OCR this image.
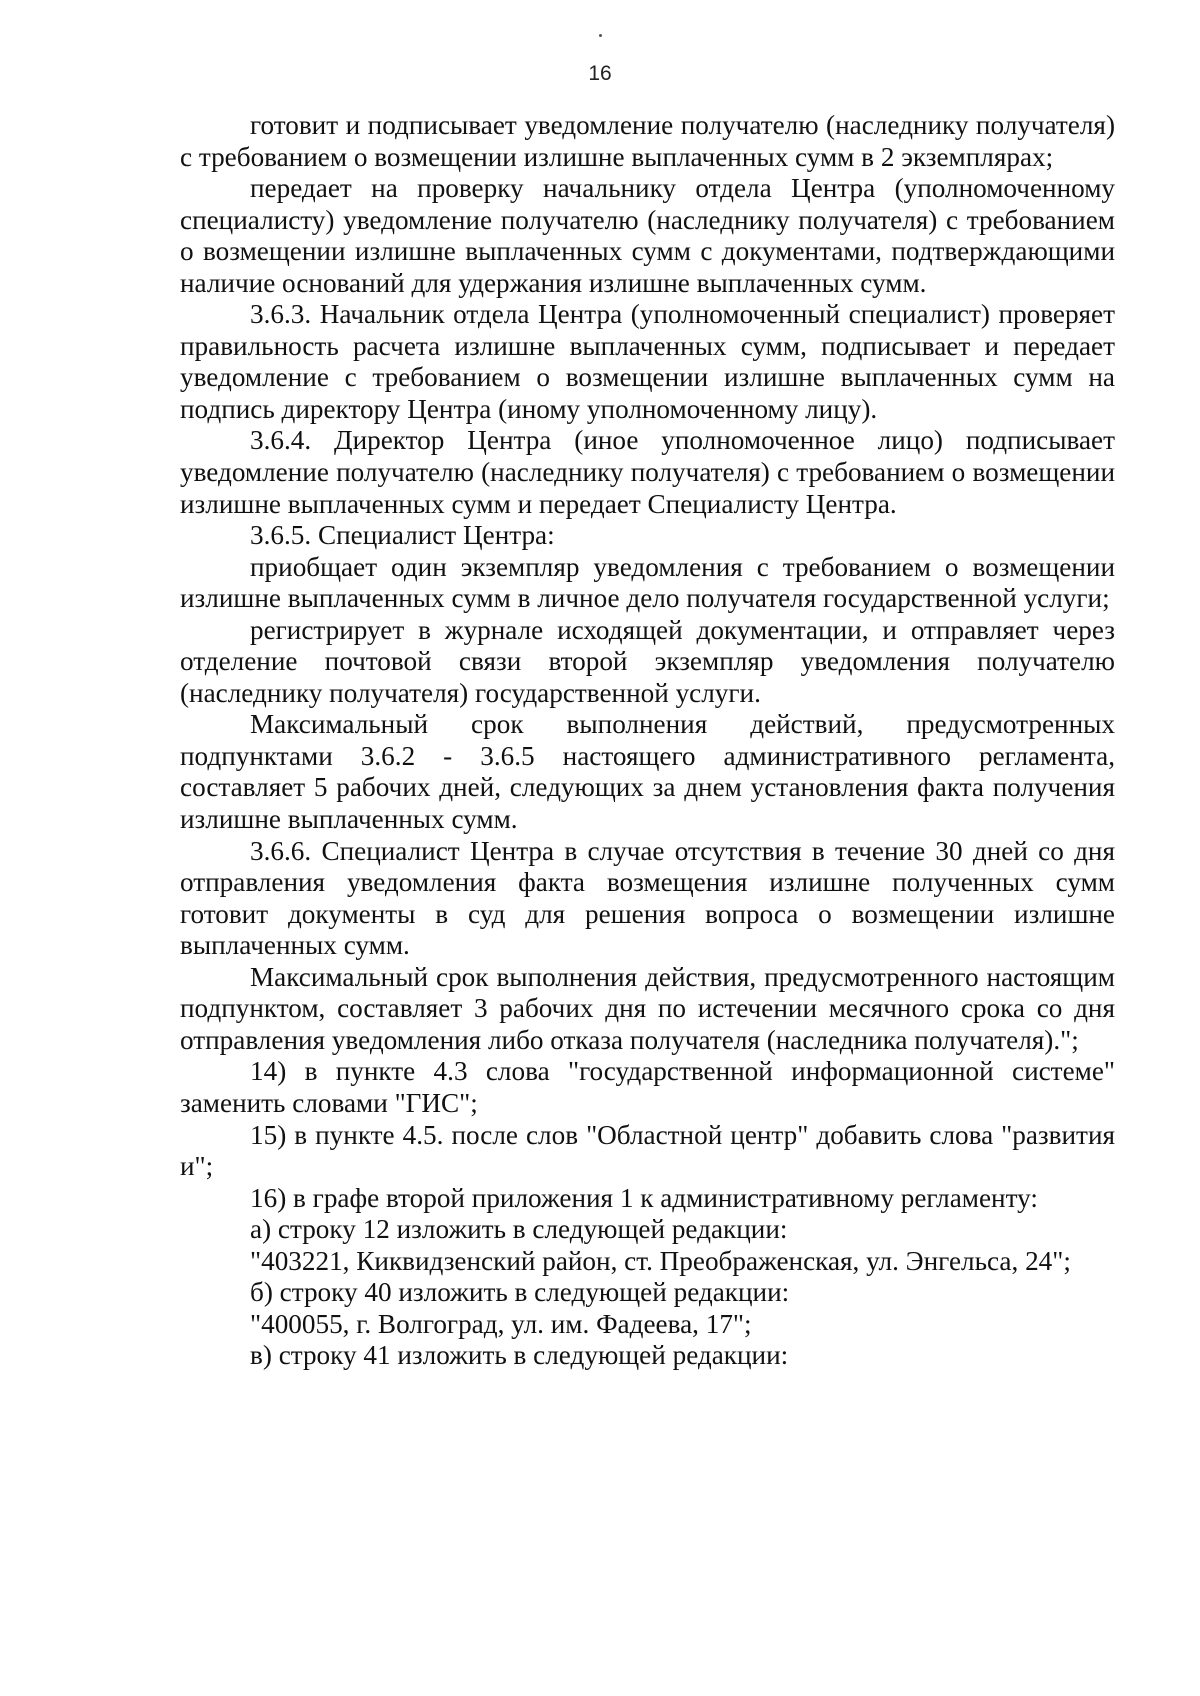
16

готовит и подписывает уведомление получателю (наследнику получателя) с требованием о возмещении излишне выплаченных сумм в 2 экземплярах;

передает на проверку начальнику отдела Центра (уполномоченному специалисту) уведомление получателю (наследнику получателя) с требованием о возмещении излишне выплаченных сумм с документами, подтверждающими наличие оснований для удержания излишне выплаченных сумм.

3.6.3. Начальник отдела Центра (уполномоченный специалист) проверяет правильность расчета излишне выплаченных сумм, подписывает и передает уведомление с требованием о возмещении излишне выплаченных сумм на подпись директору Центра (иному уполномоченному лицу).

3.6.4. Директор Центра (иное уполномоченное лицо) подписывает уведомление получателю (наследнику получателя) с требованием о возмещении излишне выплаченных сумм и передает Специалисту Центра.

3.6.5. Специалист Центра:

приобщает один экземпляр уведомления с требованием о возмещении излишне выплаченных сумм в личное дело получателя государственной услуги;

регистрирует в журнале исходящей документации, и отправляет через отделение почтовой связи второй экземпляр уведомления получателю (наследнику получателя) государственной услуги.

Максимальный срок выполнения действий, предусмотренных подпунктами 3.6.2 - 3.6.5 настоящего административного регламента, составляет 5 рабочих дней, следующих за днем установления факта получения излишне выплаченных сумм.

3.6.6. Специалист Центра в случае отсутствия в течение 30 дней со дня отправления уведомления факта возмещения излишне полученных сумм готовит документы в суд для решения вопроса о возмещении излишне выплаченных сумм.

Максимальный срок выполнения действия, предусмотренного настоящим подпунктом, составляет 3 рабочих дня по истечении месячного срока со дня отправления уведомления либо отказа получателя (наследника получателя).";

14) в пункте 4.3 слова "государственной информационной системе" заменить словами "ГИС";

15) в пункте 4.5. после слов "Областной центр" добавить слова "развития и";

16) в графе второй приложения 1 к административному регламенту:

а) строку 12 изложить в следующей редакции:

"403221, Киквидзенский район, ст. Преображенская, ул. Энгельса, 24";

б) строку 40 изложить в следующей редакции:

"400055, г. Волгоград, ул. им. Фадеева, 17";

в) строку 41 изложить в следующей редакции:
